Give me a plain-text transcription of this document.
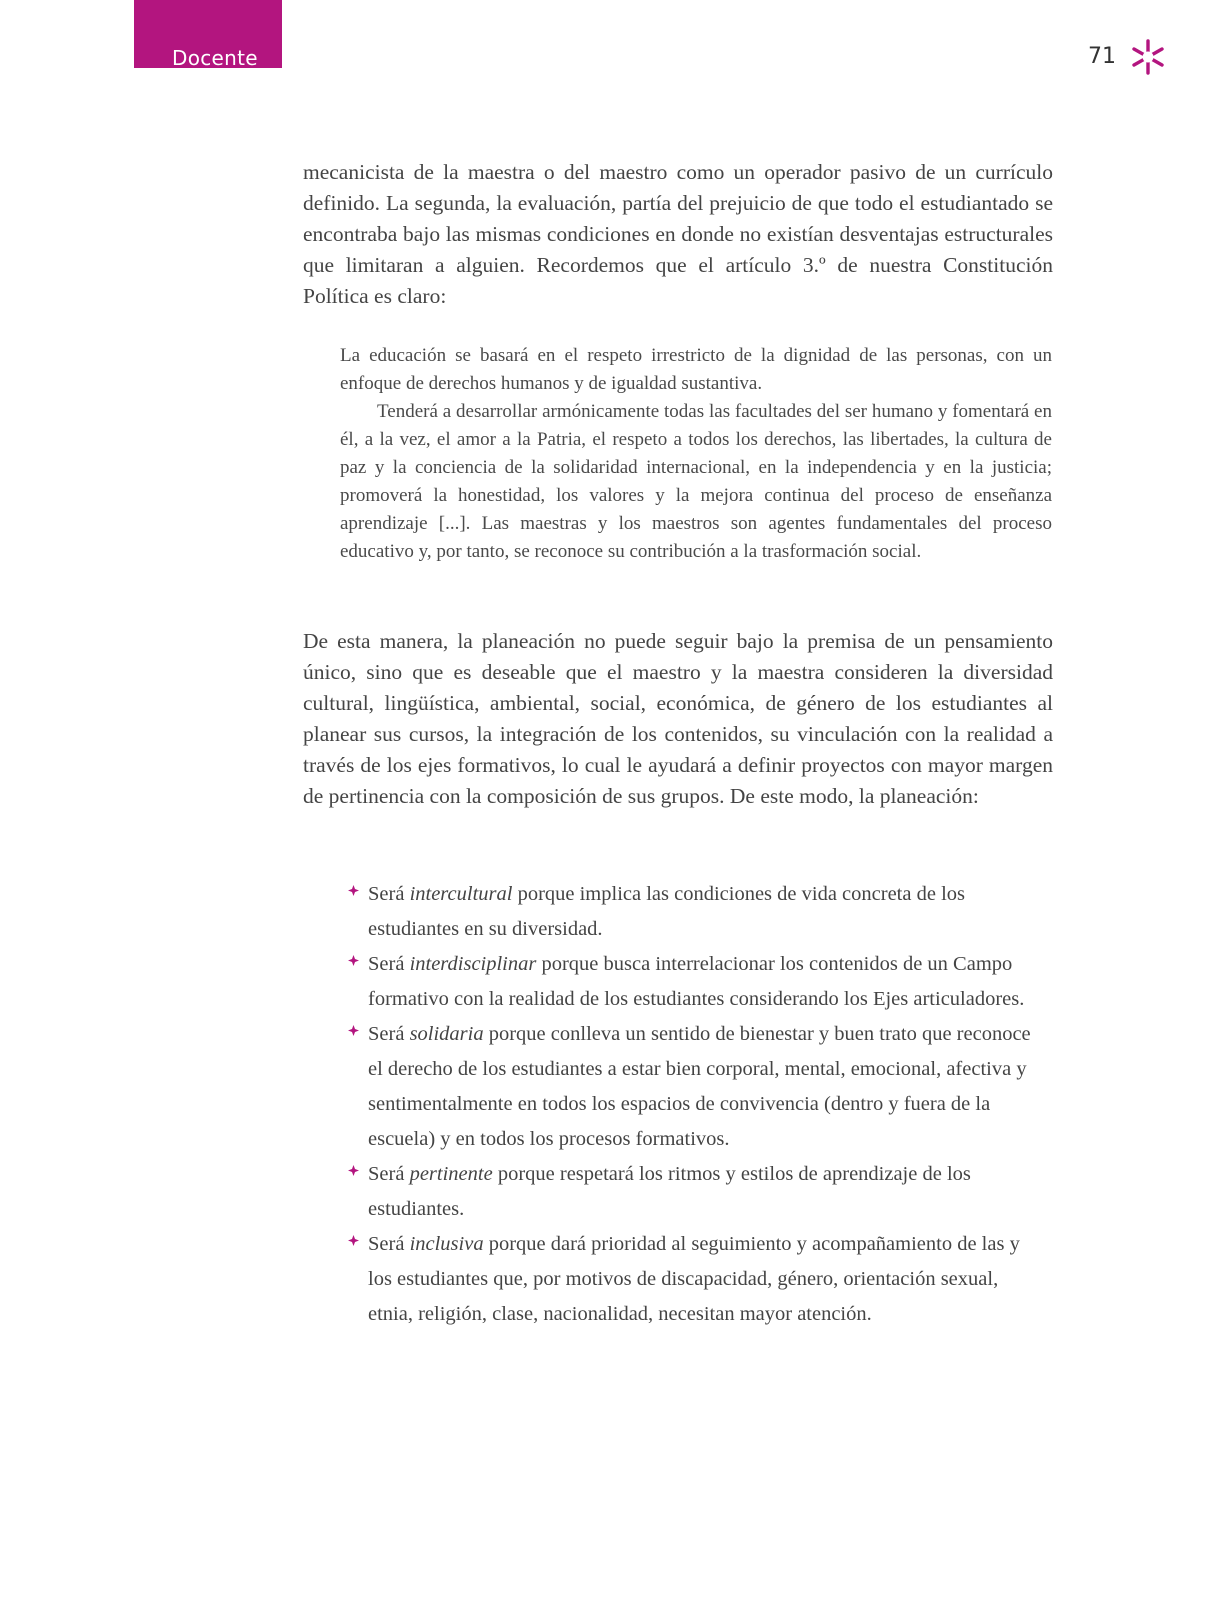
Docente	71

mecanicista de la maestra o del maestro como un operador pasivo de un currículo definido. La segunda, la evaluación, partía del prejuicio de que todo el estudiantado se encontraba bajo las mismas condiciones en donde no existían desventajas estructurales que limitaran a alguien. Recordemos que el artículo 3.º de nuestra Constitución Política es claro:

La educación se basará en el respeto irrestricto de la dignidad de las personas, con un enfoque de derechos humanos y de igualdad sustantiva.

Tenderá a desarrollar armónicamente todas las facultades del ser humano y fomentará en él, a la vez, el amor a la Patria, el respeto a todos los derechos, las libertades, la cultura de paz y la conciencia de la solidaridad internacional, en la independencia y en la justicia; promoverá la honestidad, los valores y la mejora continua del proceso de enseñanza aprendizaje [...]. Las maestras y los maestros son agentes fundamentales del proceso educativo y, por tanto, se reconoce su contribución a la trasformación social.

De esta manera, la planeación no puede seguir bajo la premisa de un pensamiento único, sino que es deseable que el maestro y la maestra consideren la diversidad cultural, lingüística, ambiental, social, económica, de género de los estudiantes al planear sus cursos, la integración de los contenidos, su vinculación con la realidad a través de los ejes formativos, lo cual le ayudará a definir proyectos con mayor margen de pertinencia con la composición de sus grupos. De este modo, la planeación:

Será intercultural porque implica las condiciones de vida concreta de los estudiantes en su diversidad.
Será interdisciplinar porque busca interrelacionar los contenidos de un Campo formativo con la realidad de los estudiantes considerando los Ejes articuladores.
Será solidaria porque conlleva un sentido de bienestar y buen trato que reconoce el derecho de los estudiantes a estar bien corporal, mental, emocional, afectiva y sentimentalmente en todos los espacios de convivencia (dentro y fuera de la escuela) y en todos los procesos formativos.
Será pertinente porque respetará los ritmos y estilos de aprendizaje de los estudiantes.
Será inclusiva porque dará prioridad al seguimiento y acompañamiento de las y los estudiantes que, por motivos de discapacidad, género, orientación sexual, etnia, religión, clase, nacionalidad, necesitan mayor atención.
